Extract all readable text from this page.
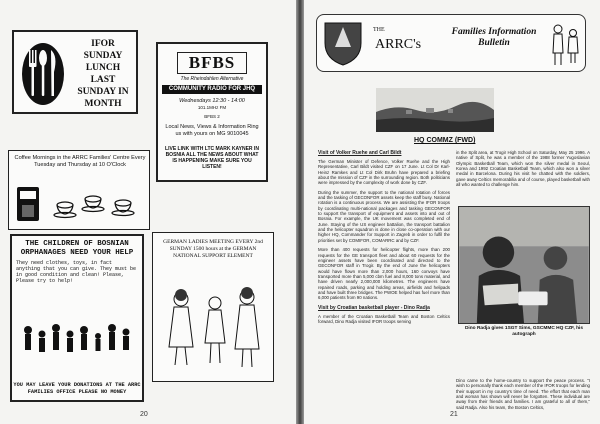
IFOR
SUNDAY
LUNCH
LAST
SUNDAY IN
MONTH
BFBS
The Rheindahlen Alternative
COMMUNITY RADIO FOR JHQ
Wednesdays 12:30 - 14:00
101.1MHz FM
BFBS 2
Local News, Views & Information Ring us with yours on MG 9010045
LIVE LINK WITH LTC MARK KAYNER IN BOSNIA ALL THE NEWS ABOUT WHAT IS HAPPENING MAKE SURE YOU LISTEN!
Coffee Mornings in the ARRC Families' Centre Every Tuesday and Thursday at 10 O'Clock
THE CHILDREN OF BOSNIAN ORPHANAGES NEED YOUR HELP
They need clothes, toys, in fact anything that you can give. They must be in good condition and clean! Please, Please try to help!
YOU MAY LEAVE YOUR DONATIONS AT THE ARRC FAMILIES OFFICE PLEASE NO MONEY
GERMAN LADIES MEETING EVERY 2nd SUNDAY 1500 hours at the GERMAN NATIONAL SUPPORT ELEMENT
20
THE
ARRC's
Families Information Bulletin
HQ COMMZ (FWD)
Visit of Volker Ruehe and Carl Bildt

The German Minister of Defence, Volker Ruehe and the High Representative, Carl Bildt visited CZF on 17 June. Lt Col Dr Karl-Heinz Ramkes and Lt Col Dirk Bruhn have prepared a briefing about the mission of CZF in the surrounding region. Both politicians were impressed by the complexity of work done by CZF.

During the summer, the support to the national rotation of forces and the tasking of GECONFOR assets keep the staff busy. National rotation is a continuous process. We are assisting the IFOR troops by coordinating multi-national packages and tasking GECONFOR to support the transport of equipment and assets into and out of Bosnia. For example, the UK movement was completed end of June. Staying of the US engineer battalion, the transport battalion and the helicopter squadron is done in close co-operation with our higher HQ, Commander for Support in Zagreb in order to fulfil the priorities set by COMIFOR, COMARRC and by CZF.

More than 400 requests for helicopter flights, more than 200 requests for the GE transport fleet and about 60 requests for the engineer assets have been coordinated and directed to the GECONFOR staff in Trogir. By the end of June the helicopters would have flown more than 2,000 hours, 160 convoys have transported more than 5,000 cbm fuel and 8,000 tons material, and have driven nearly 2,000,000 kilometres. The engineers have repaired roads, parking and holding areas, airfields and helipads and have built three bridges. The PWOE helped has fuel more than 6,000 patients from 90 nations.

Visit by Croatian basketball player - Dino Radja

A member of the Croatian Basketball Team and Boston Celtics forward, Dino Radja visited IFOR troops serving

in the Split area, at Trogir High School on Saturday, May 25 1996. A native of Split, he was a member of the 1988 former Yugoslavian Olympic Basketball Team, which won the silver medal in Seoul, Korea and 1992 Croatian Basketball Team, which also won a silver medal in Barcelona. During his visit he chatted with the soldiers, gave away Celtics memorabilia and of course, played basketball with all who wanted to challenge him.

Dino Radja gives 1SGT Sims, GSCMMC HQ CZF, his autograph

Dino came to the home-country to support the peace process. "I wish to personally thank each member of the IFOR troops for lending their support in my country's time of need. The effort that each man and woman has shown will never be forgotten. These individual are away from their friends and families. I am grateful to all of them," said Radja. Also his team, the Boston Celtics,

21
